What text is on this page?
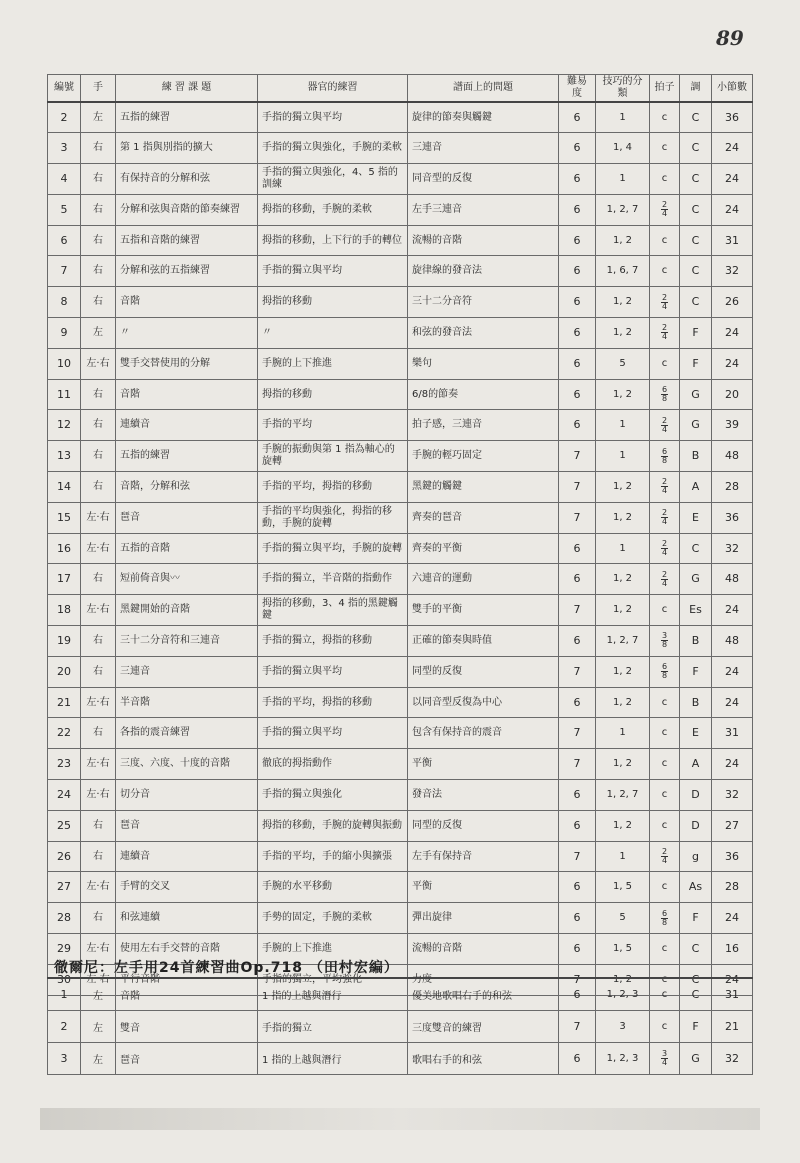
89
編號	手	練 習 課 題	器官的練習	譜面上的問題	難易度	技巧的分類	拍子	調	小節數
2	左	五指的練習	手指的獨立與平均	旋律的節奏與觸鍵	6	1	c	C	36
3	右	第 1 指與別指的擴大	手指的獨立與強化，手腕的柔軟	三連音	6	1, 4	c	C	24
4	右	有保持音的分解和弦	手指的獨立與強化，4、5 指的訓練	同音型的反復	6	1	c	C	24
5	右	分解和弦與音階的節奏練習	拇指的移動，手腕的柔軟	左手三連音	6	1, 2, 7	$\frac{2}{4}$	C	24
6	右	五指和音階的練習	拇指的移動，上下行的手的轉位	流暢的音階	6	1, 2	c	C	31
7	右	分解和弦的五指練習	手指的獨立與平均	旋律線的發音法	6	1, 6, 7	c	C	32
8	右	音階	拇指的移動	三十二分音符	6	1, 2	$\frac{2}{4}$	C	26
9	左	〃	〃	和弦的發音法	6	1, 2	$\frac{2}{4}$	F	24
10	左·右	雙手交替使用的分解	手腕的上下推進	樂句	6	5	c	F	24
11	右	音階	拇指的移動	6/8的節奏	6	1, 2	$\frac{6}{8}$	G	20
12	右	連續音	手指的平均	拍子感，三連音	6	1	$\frac{2}{4}$	G	39
13	右	五指的練習	手腕的振動與第 1 指為軸心的旋轉	手腕的輕巧固定	7	1	$\frac{6}{8}$	B	48
14	右	音階，分解和弦	手指的平均，拇指的移動	黑鍵的觸鍵	7	1, 2	$\frac{2}{4}$	A	28
15	左·右	琶音	手指的平均與強化，拇指的移動，手腕的旋轉	齊奏的琶音	7	1, 2	$\frac{2}{4}$	E	36
16	左·右	五指的音階	手指的獨立與平均，手腕的旋轉	齊奏的平衡	6	1	$\frac{2}{4}$	C	32
17	右	短前倚音與〰	手指的獨立，半音階的指動作	六連音的運動	6	1, 2	$\frac{2}{4}$	G	48
18	左·右	黑鍵開始的音階	拇指的移動，3、4 指的黑鍵觸鍵	雙手的平衡	7	1, 2	c	Es	24
19	右	三十二分音符和三連音	手指的獨立，拇指的移動	正確的節奏與時值	6	1, 2, 7	$\frac{3}{8}$	B	48
20	右	三連音	手指的獨立與平均	同型的反復	7	1, 2	$\frac{6}{8}$	F	24
21	左·右	半音階	手指的平均，拇指的移動	以同音型反復為中心	6	1, 2	c	B	24
22	右	各指的震音練習	手指的獨立與平均	包含有保持音的震音	7	1	c	E	31
23	左·右	三度、六度、十度的音階	徹底的拇指動作	平衡	7	1, 2	c	A	24
24	左·右	切分音	手指的獨立與強化	發音法	6	1, 2, 7	c	D	32
25	右	琶音	拇指的移動，手腕的旋轉與振動	同型的反復	6	1, 2	c	D	27
26	右	連續音	手指的平均，手的縮小與擴張	左手有保持音	7	1	$\frac{2}{4}$	g	36
27	左·右	手臂的交叉	手腕的水平移動	平衡	6	1, 5	c	As	28
28	右	和弦連續	手勢的固定，手腕的柔軟	彈出旋律	6	5	$\frac{6}{8}$	F	24
29	左·右	使用左右手交替的音階	手腕的上下推進	流暢的音階	6	1, 5	c	C	16
30	左·右	平行音階	手指的獨立，平均強化	力度	7	1, 2	c	C	24
徹爾尼：左手用24首練習曲Op.718 （田村宏編）
1	左	音階	1 指的上越與潛行	優美地歌唱右手的和弦	6	1, 2, 3	c	C	31
2	左	雙音	手指的獨立	三度雙音的練習	7	3	c	F	21
3	左	琶音	1 指的上越與潛行	歌唱右手的和弦	6	1, 2, 3	$\frac{3}{4}$	G	32
